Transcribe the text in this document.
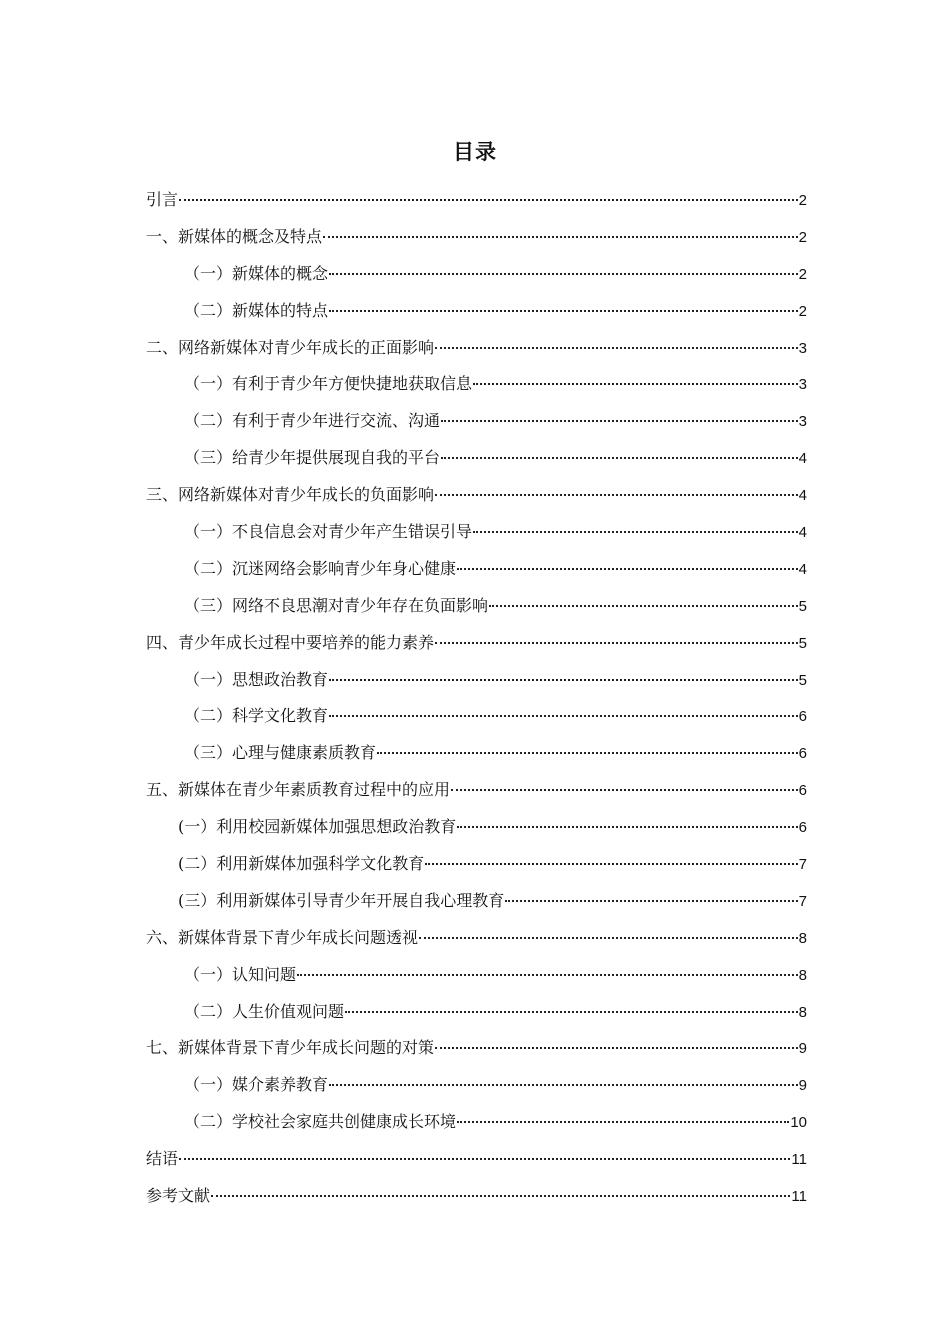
目录
引言	2
一、新媒体的概念及特点	2
（一）新媒体的概念	2
（二）新媒体的特点	2
二、网络新媒体对青少年成长的正面影响	3
（一）有利于青少年方便快捷地获取信息	3
（二）有利于青少年进行交流、沟通	3
（三）给青少年提供展现自我的平台	4
三、网络新媒体对青少年成长的负面影响	4
（一）不良信息会对青少年产生错误引导	4
（二）沉迷网络会影响青少年身心健康	4
（三）网络不良思潮对青少年存在负面影响	5
四、青少年成长过程中要培养的能力素养	5
（一）思想政治教育	5
（二）科学文化教育	6
（三）心理与健康素质教育	6
五、新媒体在青少年素质教育过程中的应用	6
(一）利用校园新媒体加强思想政治教育	6
(二）利用新媒体加强科学文化教育	7
(三）利用新媒体引导青少年开展自我心理教育	7
六、新媒体背景下青少年成长问题透视	8
（一）认知问题	8
（二）人生价值观问题	8
七、新媒体背景下青少年成长问题的对策	9
（一）媒介素养教育	9
（二）学校社会家庭共创健康成长环境	10
结语	11
参考文献	11
